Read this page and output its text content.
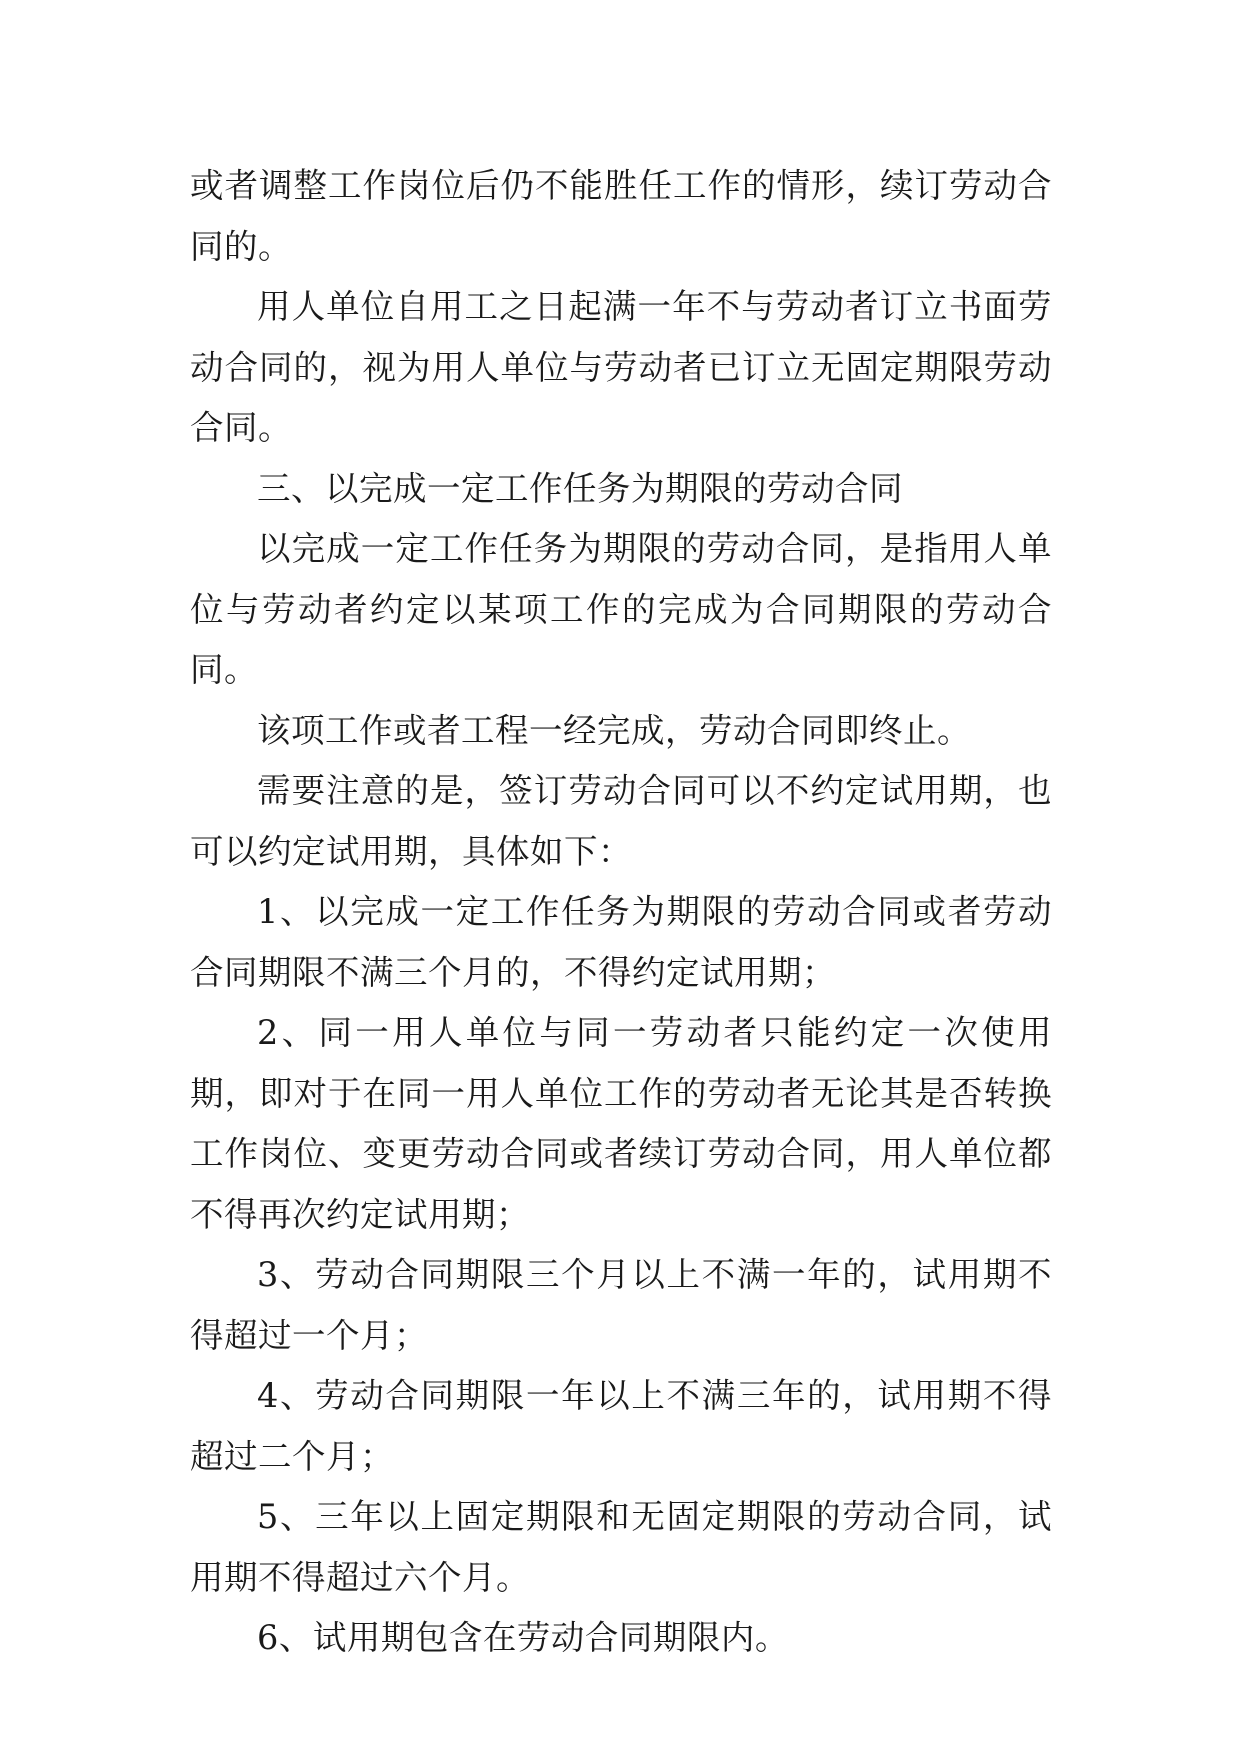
或者调整工作岗位后仍不能胜任工作的情形，续订劳动合同的。

用人单位自用工之日起满一年不与劳动者订立书面劳动合同的，视为用人单位与劳动者已订立无固定期限劳动合同。

三、以完成一定工作任务为期限的劳动合同

以完成一定工作任务为期限的劳动合同，是指用人单位与劳动者约定以某项工作的完成为合同期限的劳动合同。

该项工作或者工程一经完成，劳动合同即终止。

需要注意的是，签订劳动合同可以不约定试用期，也可以约定试用期，具体如下：

1、以完成一定工作任务为期限的劳动合同或者劳动合同期限不满三个月的，不得约定试用期；

2、同一用人单位与同一劳动者只能约定一次使用期，即对于在同一用人单位工作的劳动者无论其是否转换工作岗位、变更劳动合同或者续订劳动合同，用人单位都不得再次约定试用期；

3、劳动合同期限三个月以上不满一年的，试用期不得超过一个月；

4、劳动合同期限一年以上不满三年的，试用期不得超过二个月；

5、三年以上固定期限和无固定期限的劳动合同，试用期不得超过六个月。

6、试用期包含在劳动合同期限内。
